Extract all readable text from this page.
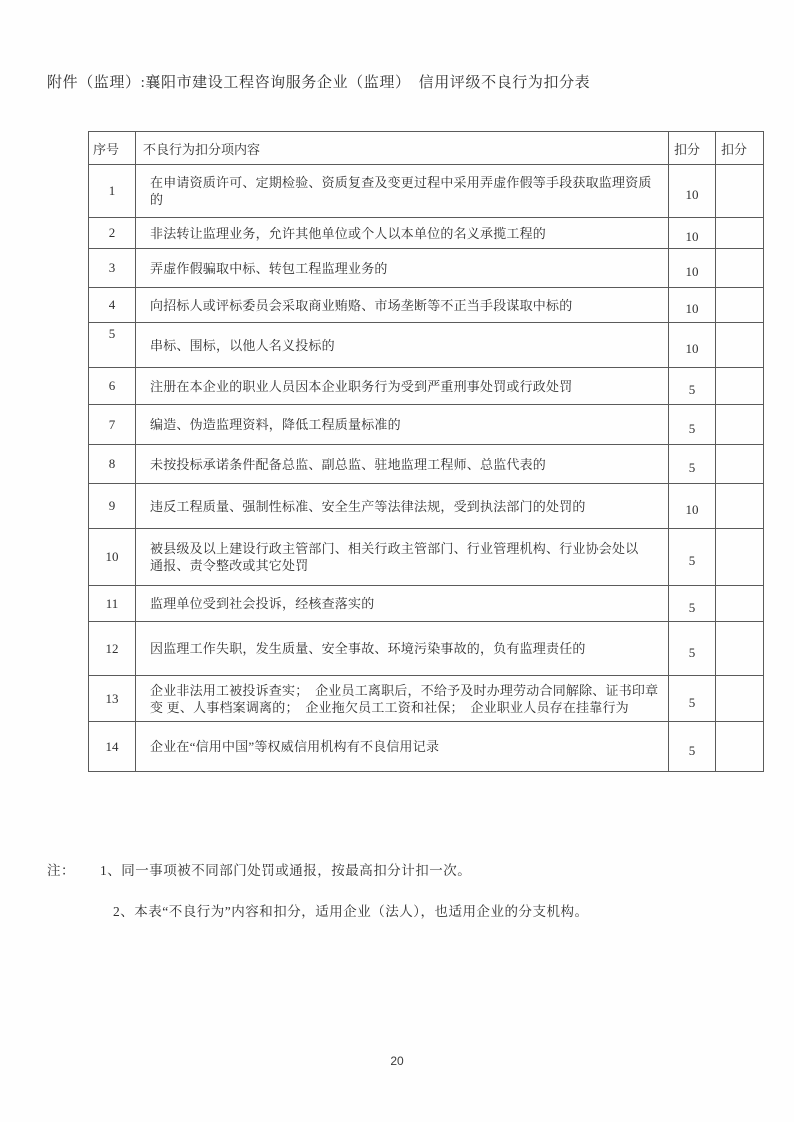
附件（监理）:襄阳市建设工程咨询服务企业（监理）　信用评级不良行为扣分表
序号	不良行为扣分项内容	扣分	扣分
1	在申请资质许可、定期检验、资质复查及变更过程中采用弄虚作假等手段获取监理资质的	10	
2	非法转让监理业务，允许其他单位或个人以本单位的名义承揽工程的	10	
3	弄虚作假骗取中标、转包工程监理业务的	10	
4	向招标人或评标委员会采取商业贿赂、市场垄断等不正当手段谋取中标的	10	
5	串标、围标，以他人名义投标的	10	
6	注册在本企业的职业人员因本企业职务行为受到严重刑事处罚或行政处罚	5	
7	编造、伪造监理资料，降低工程质量标准的	5	
8	未按投标承诺条件配备总监、副总监、驻地监理工程师、总监代表的	5	
9	违反工程质量、强制性标准、安全生产等法律法规，受到执法部门的处罚的	10	
10	被县级及以上建设行政主管部门、相关行政主管部门、行业管理机构、行业协会处以　通报、责令整改或其它处罚	5	
11	监理单位受到社会投诉，经核查落实的	5	
12	因监理工作失职，发生质量、安全事故、环境污染事故的，负有监理责任的	5	
13	企业非法用工被投诉查实；　企业员工离职后，不给予及时办理劳动合同解除、证书印章变 更、人事档案调离的；　企业拖欠员工工资和社保；　企业职业人员存在挂靠行为	5	
14	企业在“信用中国”等权威信用机构有不良信用记录	5	
注： 1、同一事项被不同部门处罚或通报，按最高扣分计扣一次。
2、本表“不良行为”内容和扣分，适用企业（法人），也适用企业的分支机构。
20
